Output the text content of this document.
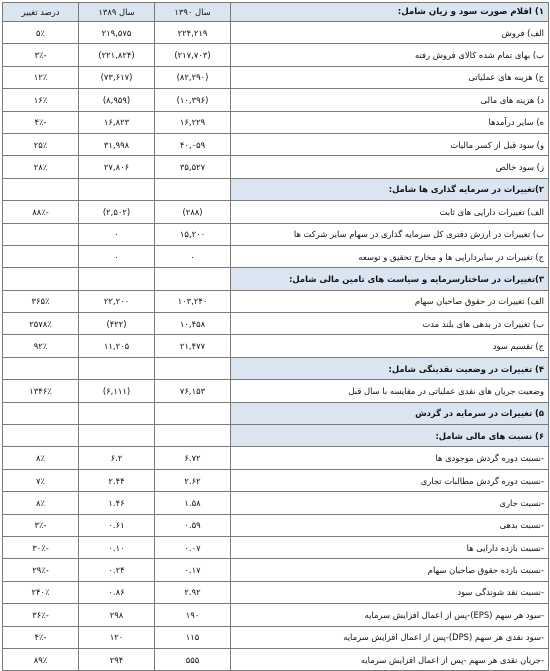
۱) اقلام صورت سود و زیان شامل:	سال ۱۳۹۰	سال ۱۳۸۹	درصد تغییر
الف) فروش	۲۲۴,۲۱۹	۲۱۹,۵۷۵	۵٪
ب) بهای تمام شده کالای فروش رفته	(۲۱۷,۷۰۳)	(۲۲۱,۸۲۴)	-۳٪
ج) هزینه های عملیاتی	(۸۲,۲۹۰)	(۷۳,۶۱۷)	۱۲٪
د) هزینه های مالی	(۱۰,۳۹۶)	(۸,۹۵۹)	۱۶٪
ه) سایر درآمدها	۱۶,۲۲۹	۱۶,۸۲۳	-۴٪
و) سود قبل از کسر مالیات	۴۰,۰۵۹	۳۱,۹۹۸	۲۵٪
ز) سود خالص	۳۵,۵۲۷	۲۷,۸۰۶	۲۸٪
۲)تغییرات در سرمایه گذاری ها شامل:			
الف) تغییرات دارایی های ثابت	(۲۸۸)	(۲,۵۰۲)	-۸۸٪
ب) تغییرات در ارزش دفتری کل سرمایه گذاری در سهام سایر شرکت ها	۱۵,۲۰۰	۰	
ج) تغییرات در سایردارایی ها و مخارج تحقیق و توسعه	۰	۰	
۳)تغییرات در ساختارسرمایه و سیاست های تامین مالی شامل:			
الف) تغییرات در حقوق صاحبان سهام	۱۰۳,۲۴۰	۲۲,۲۰۰	۳۶۵٪
ب) تغییرات در بدهی های بلند مدت	۱۰,۴۵۸	(۴۲۲)	۲۵۷۸٪
ج) تقسیم سود	۲۱,۴۷۷	۱۱,۲۰۵	۹۲٪
۴) تغییرات در وضعیت نقدینگی شامل:			
وضعیت جریان های نقدی عملیاتی در مقایسه با سال قبل	۷۶,۱۵۳	(۶,۱۱۱)	۱۳۴۶٪
۵) تغییرات در سرمایه در گردش			
۶) نسبت های مالی شامل:			
-نسبت دوره گردش موجودی ها	۶.۷۲	۶.۲	۸٪
-نسبت دوره گردش مطالبات تجاری	۲.۶۲	۲.۴۴	۷٪
-نسبت جاری	۱.۵۸	۱.۴۶	۸٪
-نسبت بدهی	۰.۵۹	۰.۶۱	-۳٪
-نسبت بازده دارایی ها	۰.۰۷	۰.۱۰	-۳۰٪
-نسبت بازده حقوق صاحبان سهام	۰.۱۷	۰.۲۴	-۲۹٪
-نسبت نقد شوندگی سود	۲.۹۲	۰.۸۶	۲۴۰٪
-سود هر سهم (EPS)-پس از اعمال افزایش سرمایه	۱۹۰	۲۹۸	-۳۶٪
-سود نقدی هر سهم (DPS)-پس از اعمال افزایش سرمایه	۱۱۵	۱۲۰	-۴٪
-جریان نقدی هر سهم -پس از اعمال افزایش سرمایه	۵۵۵	۲۹۴	۸۹٪
